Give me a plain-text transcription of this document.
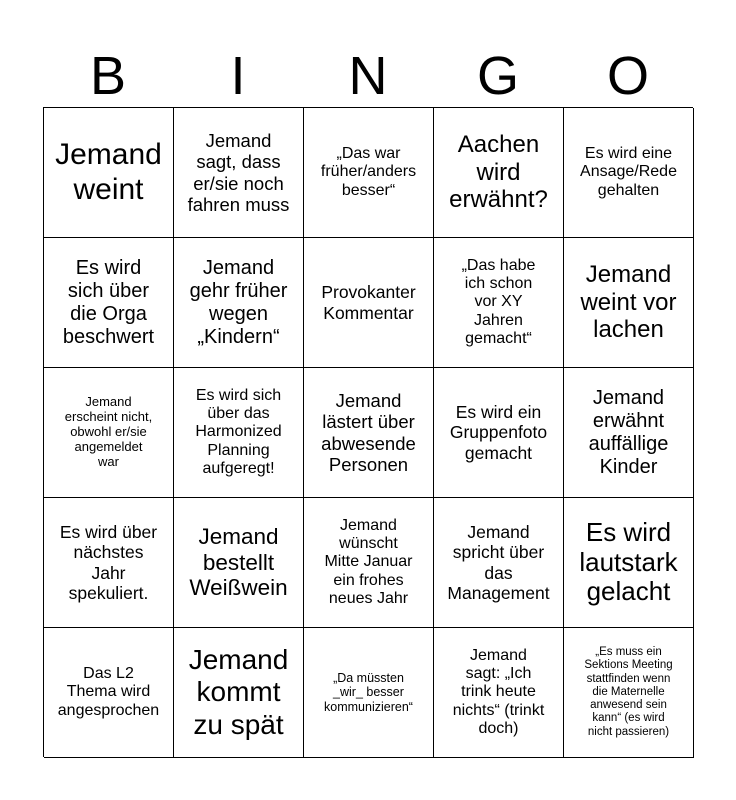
B	I	N	G	O
Jemand
weint
Jemand
sagt, dass
er/sie noch
fahren muss
„Das war
früher/anders
besser“
Aachen
wird
erwähnt?
Es wird eine
Ansage/Rede
gehalten
Es wird
sich über
die Orga
beschwert
Jemand
gehr früher
wegen
„Kindern“
Provokanter
Kommentar
„Das habe
ich schon
vor XY
Jahren
gemacht“
Jemand
weint vor
lachen
Jemand
erscheint nicht,
obwohl er/sie
angemeldet
war
Es wird sich
über das
Harmonized
Planning
aufgeregt!
Jemand
lästert über
abwesende
Personen
Es wird ein
Gruppenfoto
gemacht
Jemand
erwähnt
auffällige
Kinder
Es wird über
nächstes
Jahr
spekuliert.
Jemand
bestellt
Weißwein
Jemand
wünscht
Mitte Januar
ein frohes
neues Jahr
Jemand
spricht über
das
Management
Es wird
lautstark
gelacht
Das L2
Thema wird
angesprochen
Jemand
kommt
zu spät
„Da müssten
_wir_ besser
kommunizieren“
Jemand
sagt: „Ich
trink heute
nichts“ (trinkt
doch)
„Es muss ein
Sektions Meeting
stattfinden wenn
die Maternelle
anwesend sein
kann“ (es wird
nicht passieren)
